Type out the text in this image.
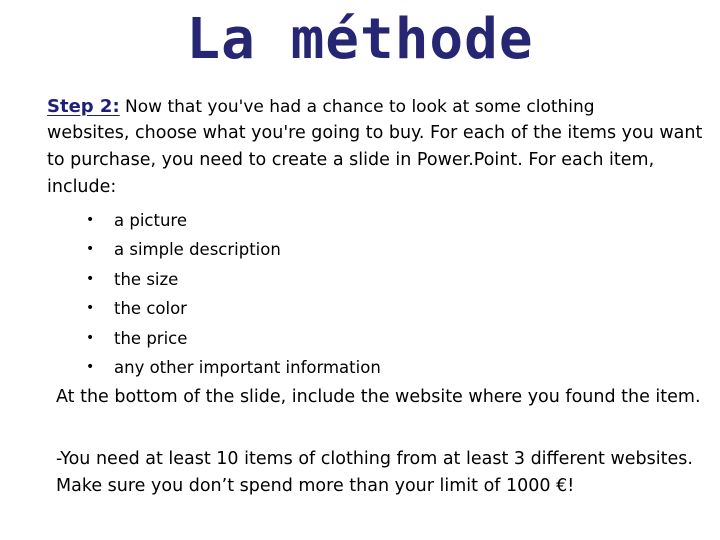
La méthode

Step 2: Now that you've had a chance to look at some clothing

websites, choose what you're going to buy. For each of the items you want to purchase, you need to create a slide in Power.Point. For each item, include:

• a picture
• a simple description
• the size
• the color
• the price
• any other important information

At the bottom of the slide, include the website where you found the item.

-You need at least 10 items of clothing from at least 3 different websites. Make sure you don’t spend more than your limit of 1000 €!
